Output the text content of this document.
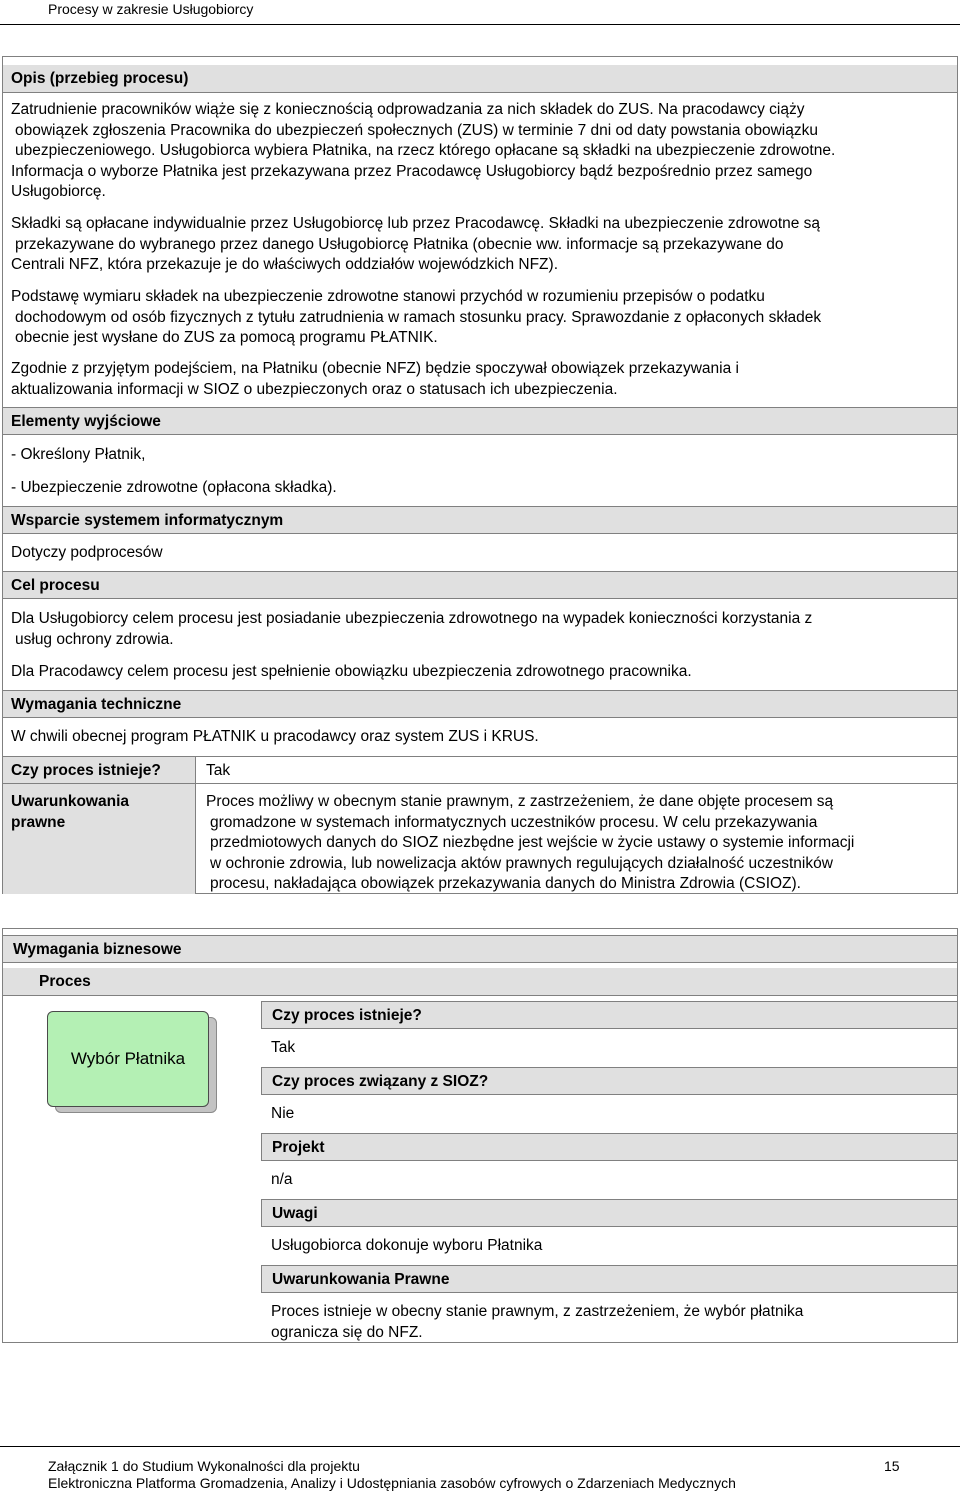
Procesy w zakresie Usługobiorcy
Opis (przebieg procesu)
Zatrudnienie pracowników wiąże się z koniecznością odprowadzania za nich składek do ZUS. Na pracodawcy ciąży
obowiązek zgłoszenia Pracownika do ubezpieczeń społecznych (ZUS) w terminie 7 dni od daty powstania obowiązku
ubezpieczeniowego. Usługobiorca wybiera Płatnika, na rzecz którego opłacane są składki na ubezpieczenie zdrowotne.
Informacja o wyborze Płatnika jest przekazywana przez Pracodawcę Usługobiorcy bądź bezpośrednio przez samego
Usługobiorcę.
Składki są opłacane indywidualnie przez Usługobiorcę lub przez Pracodawcę. Składki na ubezpieczenie zdrowotne są
przekazywane do wybranego przez danego Usługobiorcę Płatnika (obecnie ww. informacje są przekazywane do
Centrali NFZ, która przekazuje je do właściwych oddziałów wojewódzkich NFZ).
Podstawę wymiaru składek na ubezpieczenie zdrowotne stanowi przychód w rozumieniu przepisów o podatku
dochodowym od osób fizycznych z tytułu zatrudnienia w ramach stosunku pracy. Sprawozdanie z opłaconych składek
obecnie jest wysłane do ZUS za pomocą programu PŁATNIK.
Zgodnie z przyjętym podejściem, na Płatniku (obecnie NFZ) będzie spoczywał obowiązek przekazywania i
aktualizowania informacji w SIOZ o ubezpieczonych oraz o statusach ich ubezpieczenia.
Elementy wyjściowe
- Określony Płatnik,
- Ubezpieczenie zdrowotne (opłacona składka).
Wsparcie systemem informatycznym
Dotyczy podprocesów
Cel procesu
Dla Usługobiorcy celem procesu jest posiadanie ubezpieczenia zdrowotnego na wypadek konieczności korzystania z
usług ochrony zdrowia.
Dla Pracodawcy celem procesu jest spełnienie obowiązku ubezpieczenia zdrowotnego pracownika.
Wymagania techniczne
W chwili obecnej program PŁATNIK u pracodawcy oraz system ZUS i KRUS.
Czy proces istnieje?	Tak
Uwarunkowania
prawne
Proces możliwy w obecnym stanie prawnym, z zastrzeżeniem, że dane objęte procesem są
gromadzone w systemach informatycznych uczestników procesu. W celu przekazywania
przedmiotowych danych do SIOZ niezbędne jest wejście w życie ustawy o systemie informacji
w ochronie zdrowia, lub nowelizacja aktów prawnych regulujących działalność uczestników
procesu, nakładająca obowiązek przekazywania danych do Ministra Zdrowia (CSIOZ).
Wymagania biznesowe
Proces
Wybór Płatnika
Czy proces istnieje?
Tak
Czy proces związany z SIOZ?
Nie
Projekt
n/a
Uwagi
Usługobiorca dokonuje wyboru Płatnika
Uwarunkowania Prawne
Proces istnieje w obecny stanie prawnym, z zastrzeżeniem, że wybór płatnika
ogranicza się do NFZ.
Załącznik 1 do Studium Wykonalności dla projektu
Elektroniczna Platforma Gromadzenia, Analizy i Udostępniania zasobów cyfrowych o Zdarzeniach Medycznych
15
